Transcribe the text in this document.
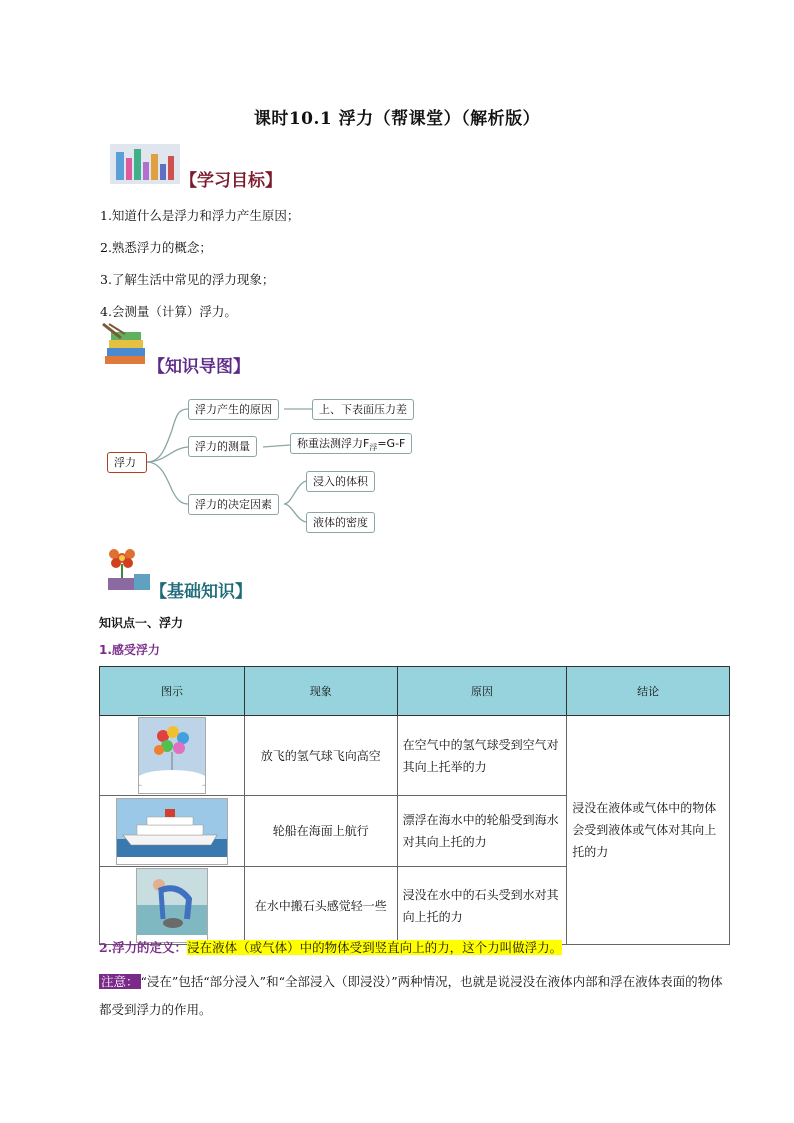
课时10.1 浮力（帮课堂）（解析版）
【学习目标】
1.知道什么是浮力和浮力产生原因；
2.熟悉浮力的概念；
3.了解生活中常见的浮力现象；
4.会测量（计算）浮力。
【知识导图】
浮力
浮力产生的原因	上、下表面压力差
浮力的测量	称重法测浮力$F_浮=G-F$
浮力的决定因素
浸入的体积
液体的密度
【基础知识】
知识点一、浮力
1.感受浮力
图示	现象	原因	结论
	放飞的氢气球飞向高空	在空气中的氢气球受到空气对其向上托举的力	浸没在液体或气体中的物体会受到液体或气体对其向上托的力
	轮船在海面上航行	漂浮在海水中的轮船受到海水对其向上托的力	
	在水中搬石头感觉轻一些	浸没在水中的石头受到水对其向上托的力	
2.浮力的定义：浸在液体（或气体）中的物体受到竖直向上的力，这个力叫做浮力。
注意： “浸在”包括“部分浸入”和“全部浸入（即浸没）”两种情况，也就是说浸没在液体内部和浮在液体表面的物体都受到浮力的作用。
